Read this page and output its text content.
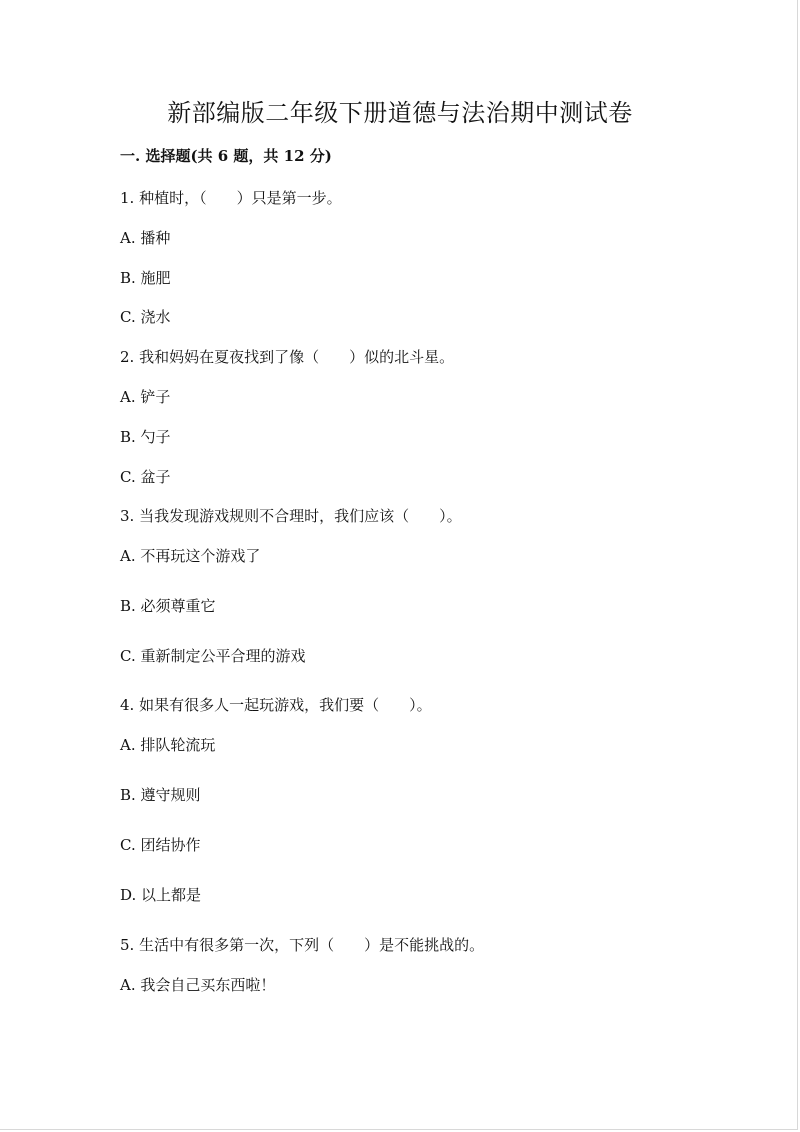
新部编版二年级下册道德与法治期中测试卷
一. 选择题(共 6 题，共 12 分)
1. 种植时，（　　）只是第一步。
A. 播种
B. 施肥
C. 浇水
2. 我和妈妈在夏夜找到了像（　　）似的北斗星。
A. 铲子
B. 勺子
C. 盆子
3. 当我发现游戏规则不合理时，我们应该（　　）。
A. 不再玩这个游戏了
B. 必须尊重它
C. 重新制定公平合理的游戏
4. 如果有很多人一起玩游戏，我们要（　　）。
A. 排队轮流玩
B. 遵守规则
C. 团结协作
D. 以上都是
5. 生活中有很多第一次，下列（　　）是不能挑战的。
A. 我会自己买东西啦！
